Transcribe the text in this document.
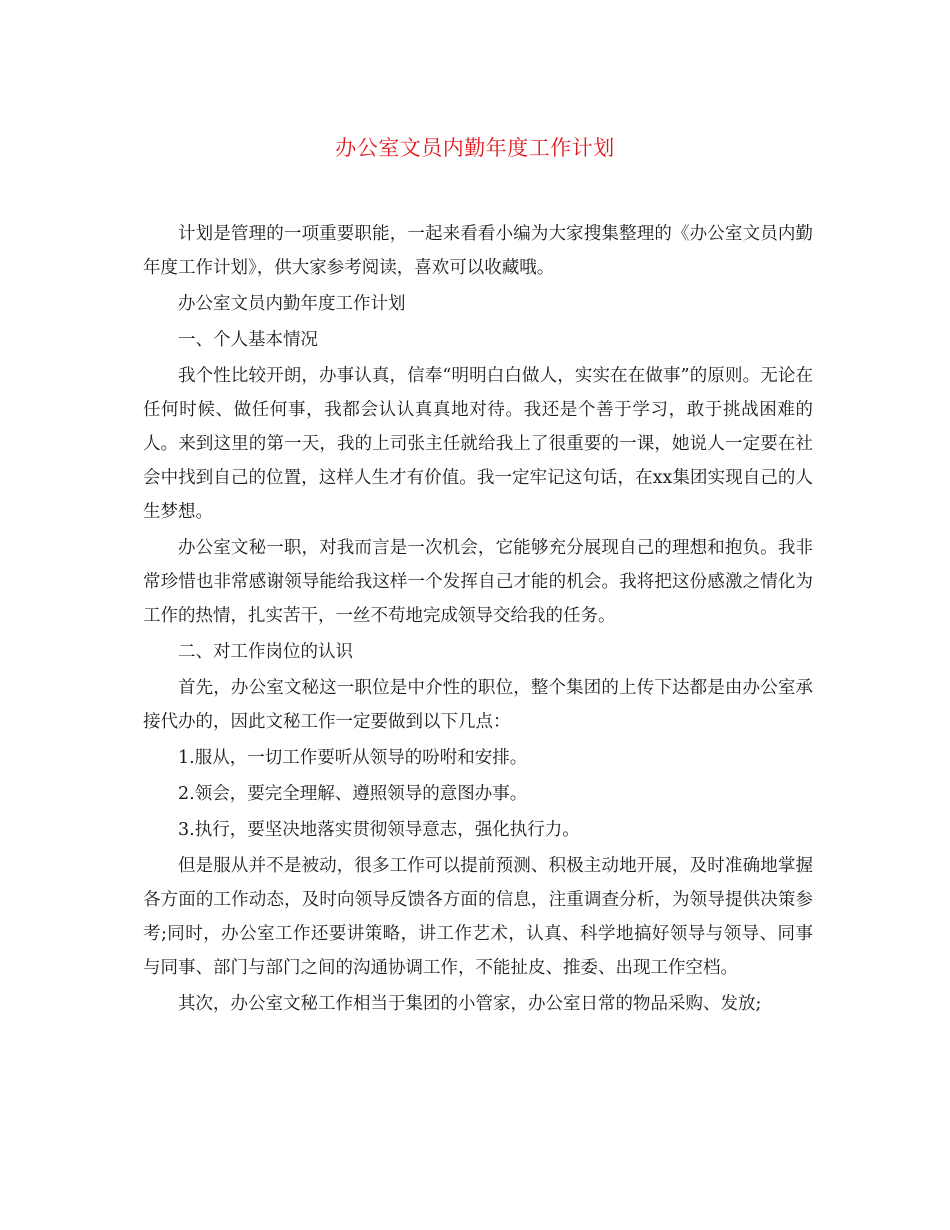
办公室文员内勤年度工作计划

计划是管理的一项重要职能，一起来看看小编为大家搜集整理的《办公室文员内勤年度工作计划》，供大家参考阅读，喜欢可以收藏哦。

办公室文员内勤年度工作计划

一、个人基本情况

我个性比较开朗，办事认真，信奉“明明白白做人，实实在在做事”的原则。无论在任何时候、做任何事，我都会认认真真地对待。我还是个善于学习，敢于挑战困难的人。来到这里的第一天，我的上司张主任就给我上了很重要的一课，她说人一定要在社会中找到自己的位置，这样人生才有价值。我一定牢记这句话，在xx集团实现自己的人生梦想。

办公室文秘一职，对我而言是一次机会，它能够充分展现自己的理想和抱负。我非常珍惜也非常感谢领导能给我这样一个发挥自己才能的机会。我将把这份感激之情化为工作的热情，扎实苦干，一丝不苟地完成领导交给我的任务。

二、对工作岗位的认识

首先，办公室文秘这一职位是中介性的职位，整个集团的上传下达都是由办公室承接代办的，因此文秘工作一定要做到以下几点：

1.服从，一切工作要听从领导的吩咐和安排。

2.领会，要完全理解、遵照领导的意图办事。

3.执行，要坚决地落实贯彻领导意志，强化执行力。

但是服从并不是被动，很多工作可以提前预测、积极主动地开展，及时准确地掌握各方面的工作动态，及时向领导反馈各方面的信息，注重调查分析，为领导提供决策参考;同时，办公室工作还要讲策略，讲工作艺术，认真、科学地搞好领导与领导、同事与同事、部门与部门之间的沟通协调工作，不能扯皮、推委、出现工作空档。

其次，办公室文秘工作相当于集团的小管家，办公室日常的物品采购、发放;
